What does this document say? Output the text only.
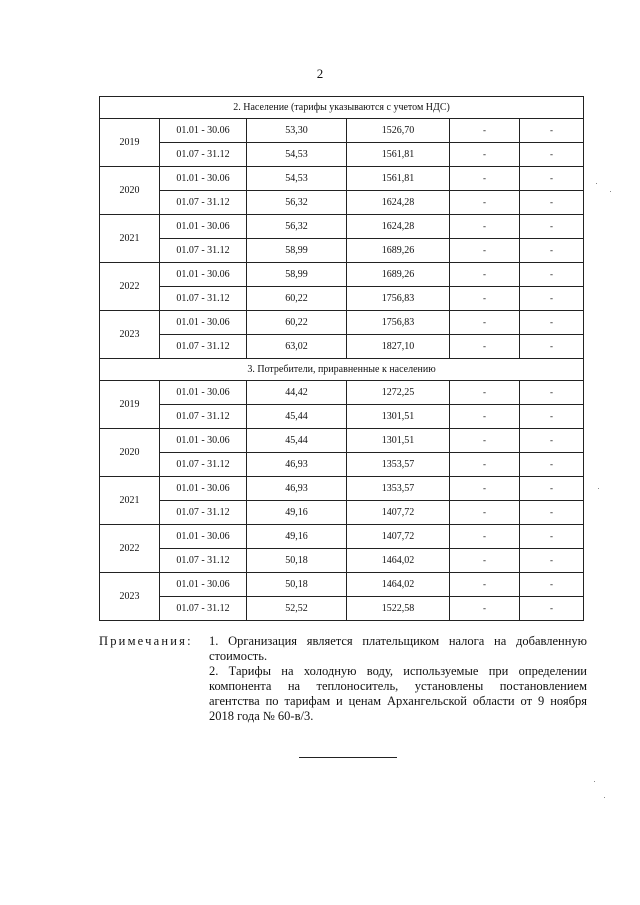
2
2. Население (тарифы указываются с учетом НДС)					
2019	01.01 - 30.06	53,30	1526,70	-	-
	01.07 - 31.12	54,53	1561,81	-	-
2020	01.01 - 30.06	54,53	1561,81	-	-
	01.07 - 31.12	56,32	1624,28	-	-
2021	01.01 - 30.06	56,32	1624,28	-	-
	01.07 - 31.12	58,99	1689,26	-	-
2022	01.01 - 30.06	58,99	1689,26	-	-
	01.07 - 31.12	60,22	1756,83	-	-
2023	01.01 - 30.06	60,22	1756,83	-	-
	01.07 - 31.12	63,02	1827,10	-	-
3. Потребители, приравненные к населению					
2019	01.01 - 30.06	44,42	1272,25	-	-
	01.07 - 31.12	45,44	1301,51	-	-
2020	01.01 - 30.06	45,44	1301,51	-	-
	01.07 - 31.12	46,93	1353,57	-	-
2021	01.01 - 30.06	46,93	1353,57	-	-
	01.07 - 31.12	49,16	1407,72	-	-
2022	01.01 - 30.06	49,16	1407,72	-	-
	01.07 - 31.12	50,18	1464,02	-	-
2023	01.01 - 30.06	50,18	1464,02	-	-
	01.07 - 31.12	52,52	1522,58	-	-
Примечания:	1. Организация является плательщиком налога на добавленную стоимость.
2. Тарифы на холодную воду, используемые при определении компонента на теплоноситель, установлены постановлением агентства по тарифам и ценам Архангельской области от 9 ноября 2018 года № 60-в/3.
